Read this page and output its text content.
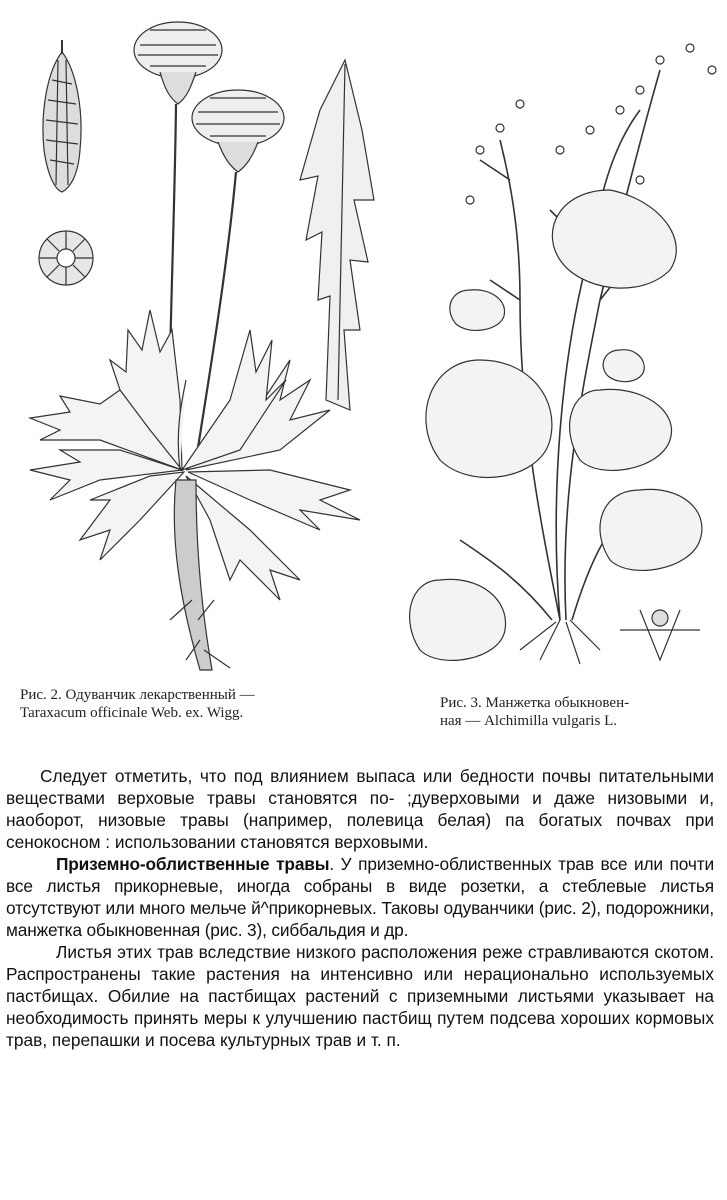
Рис. 2. Одуванчик лекарственный —
Taraxacum officinale Web. ex. Wigg.
Рис. 3. Манжетка обыкновен-
ная — Alchimilla vulgaris L.

Следует отметить, что под влиянием выпаса или бедности почвы питательными веществами верховые травы становятся по- ;дуверховыми и даже низовыми и, наоборот, низовые травы (например, полевица белая) па богатых почвах при сенокосном : использовании становятся верховыми.

Приземно-облиственные травы. У приземно-облиственных трав все или почти все листья прикорневые, иногда собраны в виде розетки, а стеблевые листья отсутствуют или много мельче й^прикорневых. Таковы одуванчики (рис. 2), подорожники, манжетка обыкновенная (рис. 3), сиббальдия и др.

Листья этих трав вследствие низкого расположения реже стравливаются скотом. Распространены такие растения на интенсивно или нерационально используемых пастбищах. Обилие на пастбищах растений с приземными листьями указывает на необходимость принять меры к улучшению пастбищ путем подсева хороших кормовых трав, перепашки и посева культурных трав и т. п.
